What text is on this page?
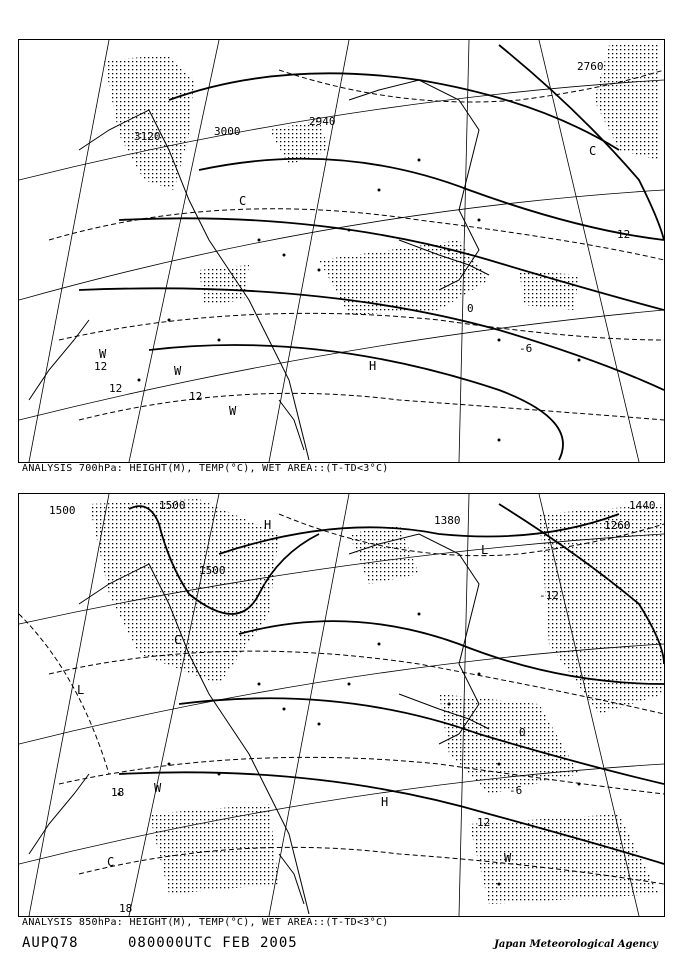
3120	3000
2940
2760
12
12
12
0
-6
12
H
W
W
W
C
C
ANALYSIS 700hPa: HEIGHT(M), TEMP(°C), WET AREA::(T-TD<3°C)
1500	1500
1500
1380	1260
1440
18
12
-12
0
-6
18
H
H
L
L
W
W
C
C
ANALYSIS 850hPa: HEIGHT(M), TEMP(°C), WET AREA::(T-TD<3°C)
AUPQ78	080000UTC FEB 2005	Japan Meteorological Agency
